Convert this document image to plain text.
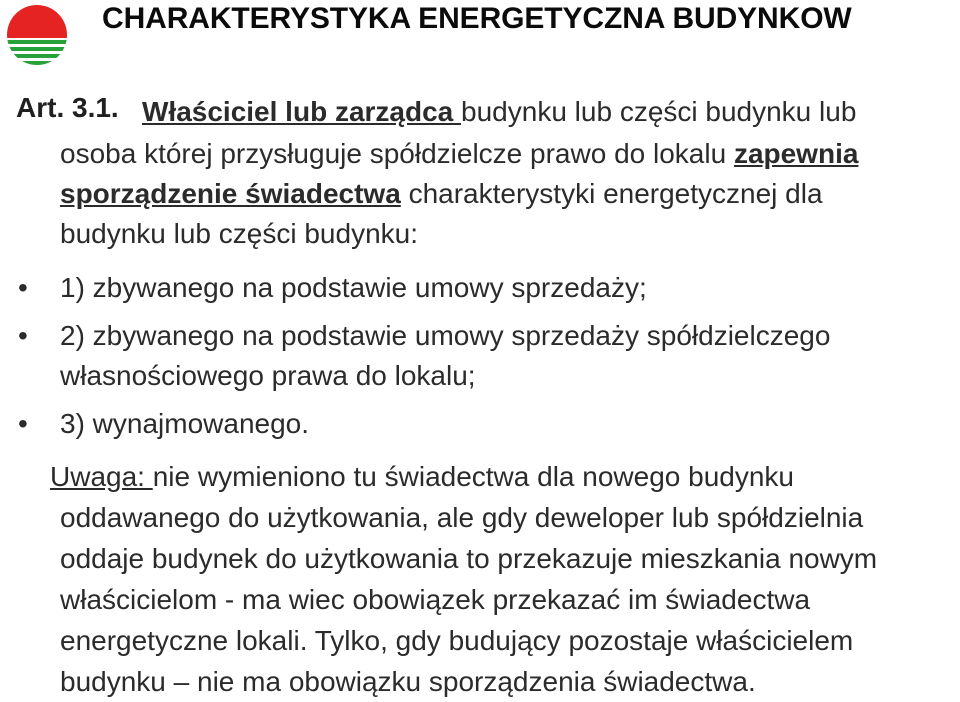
CHARAKTERYSTYKA ENERGETYCZNA BUDYNKOW
Art. 3.1. Właściciel lub zarządca budynku lub części budynku lub
osoba której przysługuje spółdzielcze prawo do lokalu zapewnia
sporządzenie świadectwa charakterystyki energetycznej dla
budynku lub części budynku:
• 1) zbywanego na podstawie umowy sprzedaży;
• 2) zbywanego na podstawie umowy sprzedaży spółdzielczego
własnościowego prawa do lokalu;
• 3) wynajmowanego.
Uwaga: nie wymieniono tu świadectwa dla nowego budynku
oddawanego do użytkowania, ale gdy deweloper lub spółdzielnia
oddaje budynek do użytkowania to przekazuje mieszkania nowym
właścicielom - ma wiec obowiązek przekazać im świadectwa
energetyczne lokali. Tylko, gdy budujący pozostaje właścicielem
budynku – nie ma obowiązku sporządzenia świadectwa.
